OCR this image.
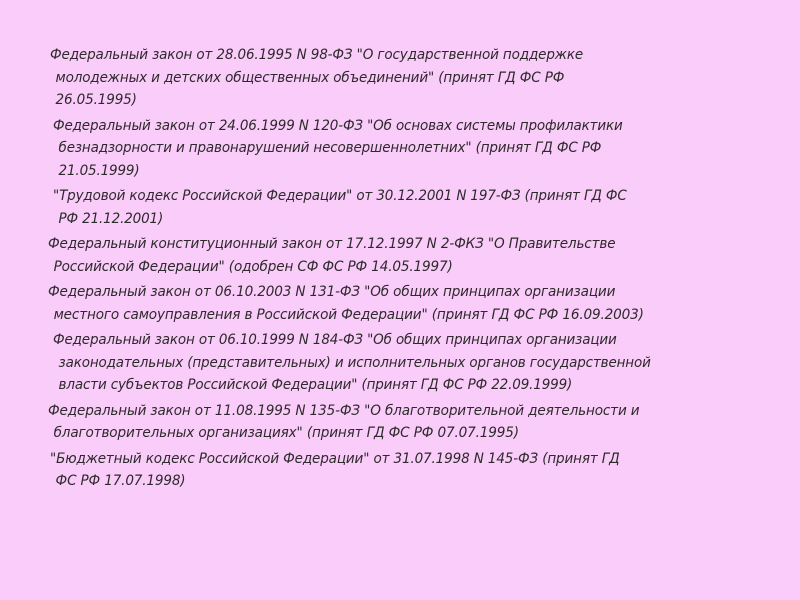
Федеральный закон от 28.06.1995 N 98-ФЗ "О государственной поддержке
молодежных и детских общественных объединений" (принят ГД ФС РФ
26.05.1995)

Федеральный закон от 24.06.1999 N 120-ФЗ "Об основах системы профилактики
безнадзорности и правонарушений несовершеннолетних" (принят ГД ФС РФ
21.05.1999)

"Трудовой кодекс Российской Федерации" от 30.12.2001 N 197-ФЗ (принят ГД ФС
РФ 21.12.2001)

Федеральный конституционный закон от 17.12.1997 N 2-ФКЗ "О Правительстве
Российской Федерации" (одобрен СФ ФС РФ 14.05.1997)

Федеральный закон от 06.10.2003 N 131-ФЗ "Об общих принципах организации
местного самоуправления в Российской Федерации" (принят ГД ФС РФ 16.09.2003)

Федеральный закон от 06.10.1999 N 184-ФЗ "Об общих принципах организации
законодательных (представительных) и исполнительных органов государственной
власти субъектов Российской Федерации" (принят ГД ФС РФ 22.09.1999)

Федеральный закон от 11.08.1995 N 135-ФЗ "О благотворительной деятельности и
благотворительных организациях" (принят ГД ФС РФ 07.07.1995)

"Бюджетный кодекс Российской Федерации" от 31.07.1998 N 145-ФЗ (принят ГД
ФС РФ 17.07.1998)
